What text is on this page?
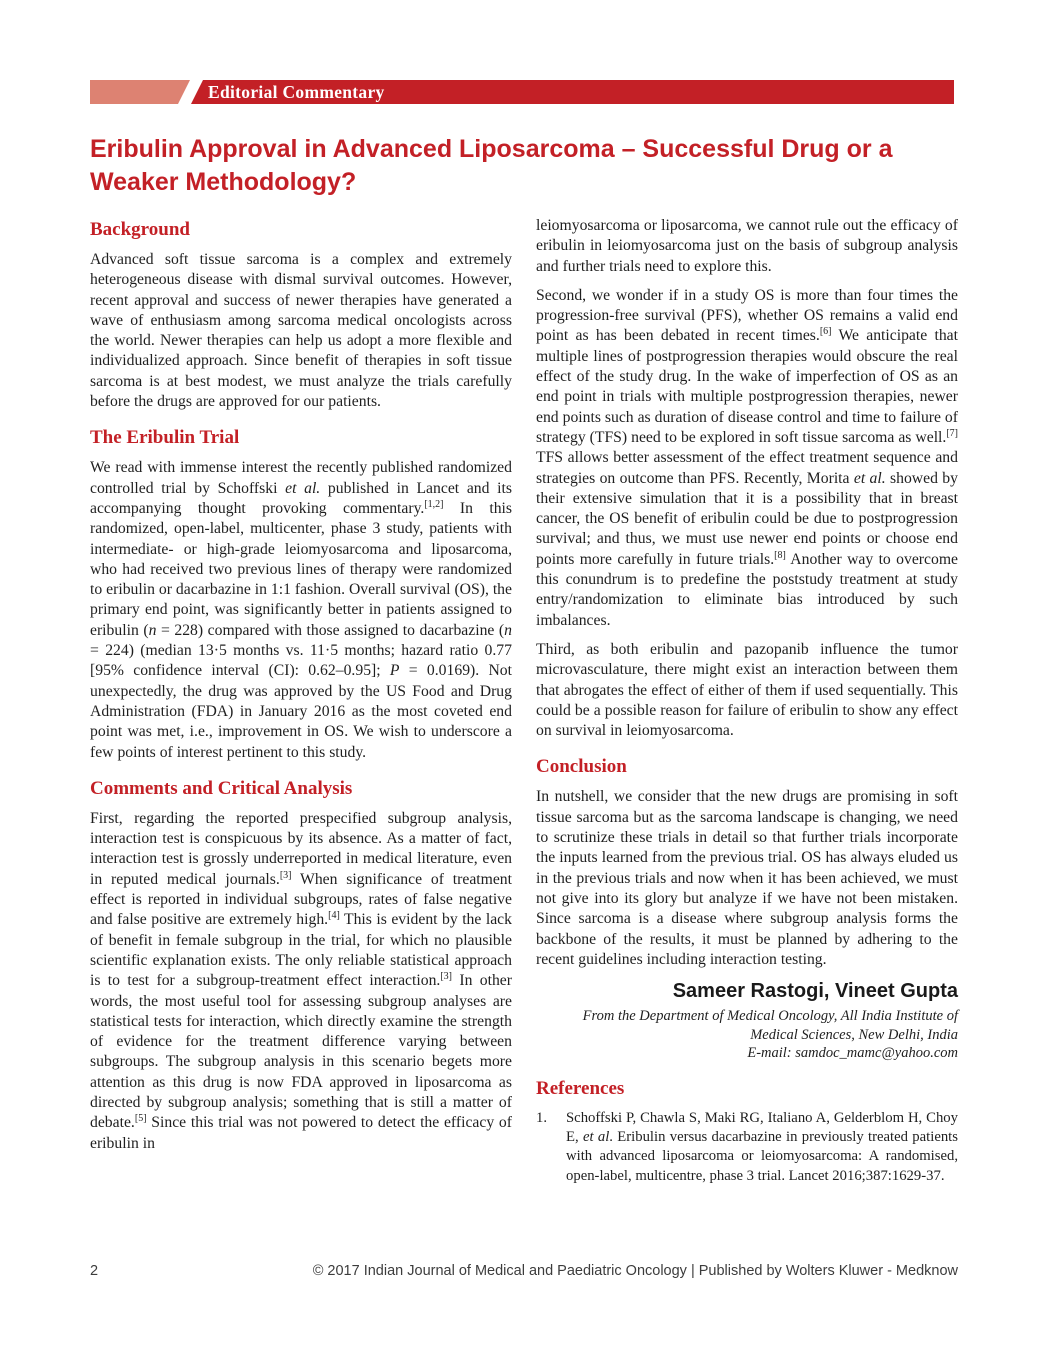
Editorial Commentary
Eribulin Approval in Advanced Liposarcoma – Successful Drug or a
Weaker Methodology?
Background

Advanced soft tissue sarcoma is a complex and extremely heterogeneous disease with dismal survival outcomes. However, recent approval and success of newer therapies have generated a wave of enthusiasm among sarcoma medical oncologists across the world. Newer therapies can help us adopt a more flexible and individualized approach. Since benefit of therapies in soft tissue sarcoma is at best modest, we must analyze the trials carefully before the drugs are approved for our patients.

The Eribulin Trial

We read with immense interest the recently published randomized controlled trial by Schoffski et al. published in Lancet and its accompanying thought provoking commentary.[1,2] In this randomized, open-label, multicenter, phase 3 study, patients with intermediate- or high-grade leiomyosarcoma and liposarcoma, who had received two previous lines of therapy were randomized to eribulin or dacarbazine in 1:1 fashion. Overall survival (OS), the primary end point, was significantly better in patients assigned to eribulin (n = 228) compared with those assigned to dacarbazine (n = 224) (median 13·5 months vs. 11·5 months; hazard ratio 0.77 [95% confidence interval (CI): 0.62–0.95]; P = 0.0169). Not unexpectedly, the drug was approved by the US Food and Drug Administration (FDA) in January 2016 as the most coveted end point was met, i.e., improvement in OS. We wish to underscore a few points of interest pertinent to this study.

Comments and Critical Analysis

First, regarding the reported prespecified subgroup analysis, interaction test is conspicuous by its absence. As a matter of fact, interaction test is grossly underreported in medical literature, even in reputed medical journals.[3] When significance of treatment effect is reported in individual subgroups, rates of false negative and false positive are extremely high.[4] This is evident by the lack of benefit in female subgroup in the trial, for which no plausible scientific explanation exists. The only reliable statistical approach is to test for a subgroup-treatment effect interaction.[3] In other words, the most useful tool for assessing subgroup analyses are statistical tests for interaction, which directly examine the strength of evidence for the treatment difference varying between subgroups. The subgroup analysis in this scenario begets more attention as this drug is now FDA approved in liposarcoma as directed by subgroup analysis; something that is still a matter of debate.[5] Since this trial was not powered to detect the efficacy of eribulin in

leiomyosarcoma or liposarcoma, we cannot rule out the efficacy of eribulin in leiomyosarcoma just on the basis of subgroup analysis and further trials need to explore this.

Second, we wonder if in a study OS is more than four times the progression-free survival (PFS), whether OS remains a valid end point as has been debated in recent times.[6] We anticipate that multiple lines of postprogression therapies would obscure the real effect of the study drug. In the wake of imperfection of OS as an end point in trials with multiple postprogression therapies, newer end points such as duration of disease control and time to failure of strategy (TFS) need to be explored in soft tissue sarcoma as well.[7] TFS allows better assessment of the effect treatment sequence and strategies on outcome than PFS. Recently, Morita et al. showed by their extensive simulation that it is a possibility that in breast cancer, the OS benefit of eribulin could be due to postprogression survival; and thus, we must use newer end points or choose end points more carefully in future trials.[8] Another way to overcome this conundrum is to predefine the poststudy treatment at study entry/randomization to eliminate bias introduced by such imbalances.

Third, as both eribulin and pazopanib influence the tumor microvasculature, there might exist an interaction between them that abrogates the effect of either of them if used sequentially. This could be a possible reason for failure of eribulin to show any effect on survival in leiomyosarcoma.

Conclusion

In nutshell, we consider that the new drugs are promising in soft tissue sarcoma but as the sarcoma landscape is changing, we need to scrutinize these trials in detail so that further trials incorporate the inputs learned from the previous trial. OS has always eluded us in the previous trials and now when it has been achieved, we must not give into its glory but analyze if we have not been mistaken. Since sarcoma is a disease where subgroup analysis forms the backbone of the results, it must be planned by adhering to the recent guidelines including interaction testing.

Sameer Rastogi, Vineet Gupta
From the Department of Medical Oncology, All India Institute of
Medical Sciences, New Delhi, India
E-mail: samdoc_mamc@yahoo.com
References
1.	Schoffski P, Chawla S, Maki RG, Italiano A, Gelderblom H, Choy E, et al. Eribulin versus dacarbazine in previously treated patients with advanced liposarcoma or leiomyosarcoma: A randomised, open-label, multicentre, phase 3 trial. Lancet 2016;387:1629-37.
2	© 2017 Indian Journal of Medical and Paediatric Oncology | Published by Wolters Kluwer - Medknow
